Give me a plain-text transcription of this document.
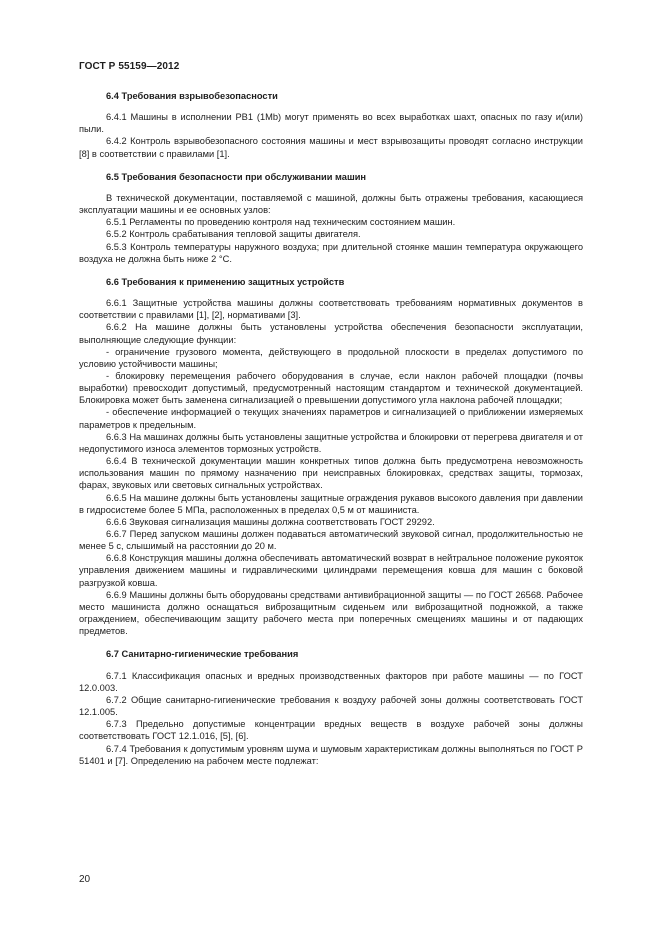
ГОСТ Р 55159—2012

6.4 Требования взрывобезопасности

6.4.1 Машины в исполнении РВ1 (1Мb) могут применять во всех выработках шахт, опасных по газу и(или) пыли.

6.4.2 Контроль взрывобезопасного состояния машины и мест взрывозащиты проводят согласно инструкции [8] в соответствии с правилами [1].

6.5 Требования безопасности при обслуживании машин

В технической документации, поставляемой с машиной, должны быть отражены требования, касающиеся эксплуатации машины и ее основных узлов:

6.5.1 Регламенты по проведению контроля над техническим состоянием машин.

6.5.2 Контроль срабатывания тепловой защиты двигателя.

6.5.3 Контроль температуры наружного воздуха; при длительной стоянке машин температура окружающего воздуха не должна быть ниже 2 °С.

6.6 Требования к применению защитных устройств

6.6.1 Защитные устройства машины должны соответствовать требованиям нормативных документов в соответствии с правилами [1], [2], нормативами [3].

6.6.2 На машине должны быть установлены устройства обеспечения безопасности эксплуатации, выполняющие следующие функции:

- ограничение грузового момента, действующего в продольной плоскости в пределах допустимого по условию устойчивости машины;

- блокировку перемещения рабочего оборудования в случае, если наклон рабочей площадки (почвы выработки) превосходит допустимый, предусмотренный настоящим стандартом и технической документацией. Блокировка может быть заменена сигнализацией о превышении допустимого угла наклона рабочей площадки;

- обеспечение информацией о текущих значениях параметров и сигнализацией о приближении измеряемых параметров к предельным.

6.6.3 На машинах должны быть установлены защитные устройства и блокировки от перегрева двигателя и от недопустимого износа элементов тормозных устройств.

6.6.4 В технической документации машин конкретных типов должна быть предусмотрена невозможность использования машин по прямому назначению при неисправных блокировках, средствах защиты, тормозах, фарах, звуковых или световых сигнальных устройствах.

6.6.5 На машине должны быть установлены защитные ограждения рукавов высокого давления при давлении в гидросистеме более 5 МПа, расположенных в пределах 0,5 м от машиниста.

6.6.6 Звуковая сигнализация машины должна соответствовать ГОСТ 29292.

6.6.7 Перед запуском машины должен подаваться автоматический звуковой сигнал, продолжительностью не менее 5 с, слышимый на расстоянии до 20 м.

6.6.8 Конструкция машины должна обеспечивать автоматический возврат в нейтральное положение рукояток управления движением машины и гидравлическими цилиндрами перемещения ковша для машин с боковой разгрузкой ковша.

6.6.9 Машины должны быть оборудованы средствами антивибрационной защиты — по ГОСТ 26568. Рабочее место машиниста должно оснащаться виброзащитным сиденьем или виброзащитной подножкой, а также ограждением, обеспечивающим защиту рабочего места при поперечных смещениях машины и от падающих предметов.

6.7 Санитарно-гигиенические требования

6.7.1 Классификация опасных и вредных производственных факторов при работе машины — по ГОСТ 12.0.003.

6.7.2 Общие санитарно-гигиенические требования к воздуху рабочей зоны должны соответствовать ГОСТ 12.1.005.

6.7.3 Предельно допустимые концентрации вредных веществ в воздухе рабочей зоны должны соответствовать ГОСТ 12.1.016, [5], [6].

6.7.4 Требования к допустимым уровням шума и шумовым характеристикам должны выполняться по ГОСТ Р 51401 и [7]. Определению на рабочем месте подлежат:

20
